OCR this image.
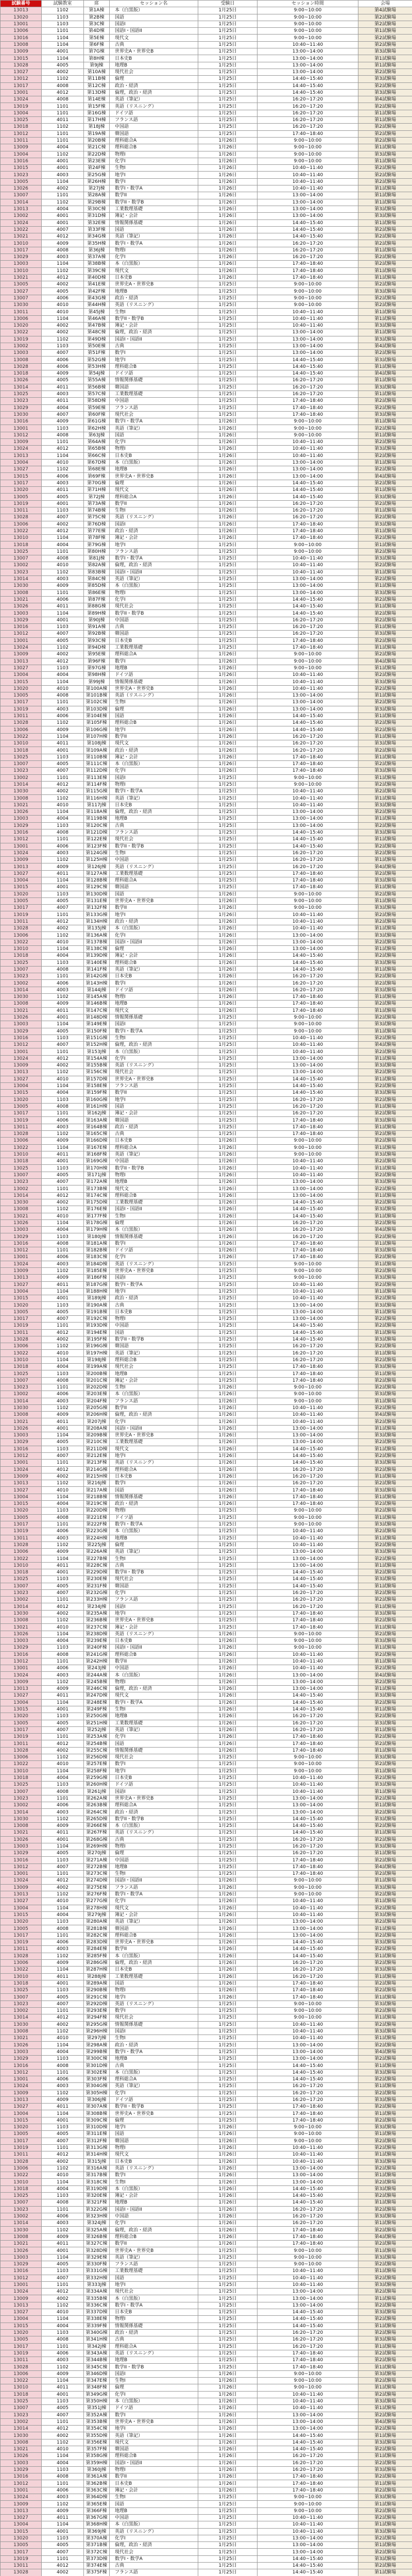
試験番号	試験教室	席	セッション名	受験日	セッション時間	会場
13013	1102	第1A棟	本（白黒版）	1月25日	9:00~10:00	第4試験場
13020	1103	第2B棟	国語	1月25日	9:00~10:00	第2試験場
13001	1103	第3C棟	国語I	1月25日	9:00~10:00	第2試験場
13006	1101	第4D棟	国語I・国語II	1月25日	9:00~10:00	第1試験場
13016	1104	第5E棟	現代文	1月25日	9:00~10:00	第2試験場
13008	1104	第6F棟	古典	1月25日	10:40~11:40	第2試験場
13009	4001	第7G棟	世界史A・世界史B	1月25日	13:00~14:00	第3試験場
13015	1104	第8H棟	日本史B	1月25日	13:00~14:00	第1試験場
13028	4005	第9J棟	地理B	1月25日	13:00~14:00	第1試験場
13027	4002	第10A棟	現代社会	1月25日	13:00~14:00	第2試験場
13012	1102	第11B棟	倫理	1月25日	14:40~15:40	第3試験場
13017	4008	第12C棟	政治・経済	1月25日	14:40~15:40	第2試験場
13001	4012	第13D棟	倫理，政治・経済	1月25日	14:40~15:40	第3試験場
13024	4008	第14E棟	英語（筆記）	1月25日	16:20~17:20	第4試験場
13019	1101	第15F棟	英語（リスニング）	1月25日	16:20~17:20	第2試験場
13004	1101	第16G棟	ドイツ語	1月25日	16:20~17:20	第1試験場
13025	4011	第17H棟	フランス語	1月25日	16:20~17:20	第1試験場
13018	1102	第18J棟	中国語	1月25日	16:20~17:20	第2試験場
13012	1101	第19A棟	韓国語	1月25日	17:40~18:40	第2試験場
13011	1101	第20B棟	理科総合A	1月26日	9:00~10:00	第2試験場
13009	4004	第21C棟	理科総合B	1月26日	9:00~10:00	第1試験場
13004	1102	第22D棟	物理I	1月26日	9:00~10:00	第3試験場
13016	4001	第23E棟	化学I	1月26日	9:00~10:00	第1試験場
13015	4001	第24F棟	生物I	1月26日	10:40~11:40	第2試験場
13023	4003	第25G棟	地学I	1月26日	10:40~11:40	第2試験場
13005	1104	第26H棟	数学I	1月26日	10:40~11:40	第2試験場
13026	4002	第27J棟	数学I・数学A	1月26日	10:40~11:40	第1試験場
13007	1101	第28A棟	数学II	1月26日	13:00~14:00	第1試験場
13014	1102	第29B棟	数学II・数学B	1月26日	13:00~14:00	第1試験場
13013	4004	第30C棟	工業数理基礎	1月26日	13:00~14:00	第3試験場
13002	4001	第31D棟	簿記・会計	1月26日	13:00~14:00	第3試験場
13024	4001	第32E棟	情報関係基礎	1月26日	14:40~15:40	第1試験場
13022	4007	第33F棟	国語	1月26日	14:40~15:40	第2試験場
13021	4012	第34G棟	英語（筆記）	1月26日	14:40~15:40	第2試験場
13010	4009	第35H棟	数学I・数学A	1月26日	16:20~17:20	第2試験場
13017	4008	第36J棟	物理I	1月26日	16:20~17:20	第1試験場
13029	4003	第37A棟	化学I	1月26日	16:20~17:20	第2試験場
13003	1104	第38B棟	本（白黒版）	1月26日	17:40~18:40	第2試験場
13010	1102	第39C棟	現代文	1月26日	17:40~18:40	第1試験場
13021	4012	第40D棟	日本史B	1月26日	17:40~18:40	第1試験場
13005	4002	第41E棟	世界史A・世界史B	1月25日	9:00~10:00	第2試験場
13027	4005	第42F棟	地理B	1月25日	9:00~10:00	第3試験場
13007	4006	第43G棟	政治・経済	1月25日	9:00~10:00	第2試験場
13030	4010	第44H棟	英語（リスニング）	1月25日	9:00~10:00	第2試験場
13011	4010	第45J棟	生物I	1月25日	10:40~11:40	第1試験場
13006	1104	第46A棟	数学II・数学B	1月25日	10:40~11:40	第1試験場
13020	4002	第47B棟	簿記・会計	1月25日	10:40~11:40	第3試験場
13022	4002	第48C棟	倫理，政治・経済	1月25日	13:00~14:00	第1試験場
13019	1102	第49D棟	国語I・国語II	1月25日	13:00~14:00	第3試験場
13002	1103	第50E棟	古典	1月25日	13:00~14:00	第4試験場
13003	4007	第51F棟	数学I	1月25日	13:00~14:00	第2試験場
13008	4006	第52G棟	地学I	1月25日	14:40~15:40	第3試験場
13028	4006	第53H棟	理科総合B	1月25日	14:40~15:40	第1試験場
13018	4009	第54J棟	ドイツ語	1月25日	14:40~15:40	第4試験場
13026	4005	第55A棟	情報関係基礎	1月25日	16:20~17:20	第1試験場
13014	4011	第56B棟	韓国語	1月25日	16:20~17:20	第3試験場
13025	4003	第57C棟	工業数理基礎	1月25日	16:20~17:20	第1試験場
13023	4011	第58D棟	中国語	1月25日	17:40~18:40	第2試験場
13029	4004	第59E棟	フランス語	1月25日	17:40~18:40	第2試験場
13030	4007	第60F棟	現代社会	1月25日	17:40~18:40	第3試験場
13016	4009	第61G棟	数学I・数学A	1月26日	9:00~10:00	第1試験場
13001	1103	第62H棟	英語（筆記）	1月26日	9:00~10:00	第2試験場
13012	4008	第63J棟	国語	1月26日	9:00~10:00	第1試験場
13009	1101	第64A棟	化学I	1月26日	10:40~11:40	第2試験場
13024	4012	第65B棟	物理I	1月26日	10:40~11:40	第3試験場
13013	1104	第66C棟	日本史B	1月26日	10:40~11:40	第2試験場
13004	4010	第67D棟	本（白黒版）	1月26日	13:00~14:00	第1試験場
13027	1102	第68E棟	地理B	1月26日	13:00~14:00	第2試験場
13015	4006	第69F棟	世界史A・世界史B	1月26日	13:00~14:00	第4試験場
13017	4003	第70G棟	倫理	1月26日	14:40~15:40	第2試験場
13020	4011	第71H棟	現代文	1月26日	14:40~15:40	第1試験場
13005	4005	第72J棟	理科総合A	1月26日	14:40~15:40	第3試験場
13019	4001	第73A棟	数学II	1月26日	16:20~17:20	第2試験場
13011	1103	第74B棟	生物I	1月26日	16:20~17:20	第1試験場
13028	4007	第75C棟	英語（リスニング）	1月26日	16:20~17:20	第2試験場
13006	4002	第76D棟	国語I	1月26日	17:40~18:40	第3試験場
13022	4012	第77E棟	政治・経済	1月26日	17:40~18:40	第1試験場
13010	1104	第78F棟	簿記・会計	1月26日	17:40~18:40	第2試験場
13018	4004	第79G棟	地学I	1月25日	9:00~10:00	第1試験場
13025	1101	第80H棟	フランス語	1月25日	9:00~10:00	第2試験場
13007	4008	第81J棟	数学I・数学A	1月25日	10:40~11:40	第3試験場
13002	4010	第82A棟	倫理，政治・経済	1月25日	10:40~11:40	第2試験場
13023	1102	第83B棟	国語I・国語II	1月25日	10:40~11:40	第1試験場
13014	4003	第84C棟	英語（筆記）	1月25日	13:00~14:00	第2試験場
13030	4009	第85D棟	本（白黒版）	1月25日	13:00~14:00	第1試験場
13008	1101	第86E棟	物理I	1月25日	13:00~14:00	第3試験場
13021	4006	第87F棟	化学I	1月25日	14:40~15:40	第2試験場
13026	4011	第88G棟	現代社会	1月25日	14:40~15:40	第1試験場
13003	1104	第89H棟	数学II・数学B	1月25日	14:40~15:40	第2試験場
13029	4001	第90J棟	中国語	1月25日	16:20~17:20	第2試験場
13016	1103	第91A棟	古典	1月25日	16:20~17:20	第1試験場
13012	4007	第92B棟	韓国語	1月25日	16:20~17:20	第3試験場
13001	4005	第93C棟	日本史B	1月25日	17:40~18:40	第2試験場
13024	1102	第94D棟	工業数理基礎	1月25日	17:40~18:40	第1試験場
13009	4002	第95E棟	理科総合A	1月26日	9:00~10:00	第2試験場
13013	4012	第96F棟	数学I	1月26日	9:00~10:00	第4試験場
13027	1103	第97G棟	地理B	1月26日	9:00~10:00	第1試験場
13004	4004	第98H棟	ドイツ語	1月26日	10:40~11:40	第2試験場
13015	1104	第99J棟	情報関係基礎	1月26日	10:40~11:40	第3試験場
13020	4010	第100A棟	世界史A・世界史B	1月26日	10:40~11:40	第2試験場
13005	4008	第101B棟	英語（リスニング）	1月26日	13:00~14:00	第1試験場
13017	1101	第102C棟	生物I	1月26日	13:00~14:00	第2試験場
13019	4003	第103D棟	倫理	1月26日	13:00~14:00	第3試験場
13011	4006	第104E棟	国語	1月26日	14:40~15:40	第1試験場
13028	1102	第105F棟	理科総合B	1月26日	14:40~15:40	第2試験場
13006	4009	第106G棟	地学I	1月26日	14:40~15:40	第2試験場
13022	1104	第107H棟	数学II	1月26日	16:20~17:20	第1試験場
13010	4011	第108J棟	現代文	1月26日	16:20~17:20	第3試験場
13018	4001	第109A棟	政治・経済	1月26日	16:20~17:20	第2試験場
13025	1103	第110B棟	簿記・会計	1月26日	17:40~18:40	第1試験場
13007	4005	第111C棟	本（白黒版）	1月26日	17:40~18:40	第2試験場
13023	4007	第112D棟	化学I	1月26日	17:40~18:40	第3試験場
13002	1101	第113E棟	国語I	1月25日	9:00~10:00	第1試験場
13014	4012	第114F棟	物理I	1月25日	9:00~10:00	第2試験場
13030	4002	第115G棟	数学I・数学A	1月25日	10:40~11:40	第2試験場
13008	1102	第116H棟	英語（筆記）	1月25日	10:40~11:40	第1試験場
13021	4010	第117J棟	日本史B	1月25日	10:40~11:40	第3試験場
13026	1104	第118A棟	倫理，政治・経済	1月25日	13:00~14:00	第2試験場
13003	4004	第119B棟	地理B	1月25日	13:00~14:00	第1試験場
13029	1103	第120C棟	古典	1月25日	13:00~14:00	第2試験場
13016	4008	第121D棟	フランス語	1月25日	14:40~15:40	第3試験場
13012	1101	第122E棟	現代社会	1月25日	14:40~15:40	第1試験場
13001	4006	第123F棟	数学II・数学B	1月25日	14:40~15:40	第2試験場
13024	4003	第124G棟	生物I	1月25日	16:20~17:20	第2試験場
13009	1102	第125H棟	中国語	1月25日	16:20~17:20	第1試験場
13013	4009	第126J棟	英語（リスニング）	1月25日	16:20~17:20	第4試験場
13027	4011	第127A棟	工業数理基礎	1月25日	17:40~18:40	第2試験場
13004	1104	第128B棟	理科総合A	1月25日	17:40~18:40	第3試験場
13015	4001	第129C棟	韓国語	1月25日	17:40~18:40	第1試験場
13020	1103	第130D棟	国語	1月26日	9:00~10:00	第2試験場
13005	4005	第131E棟	世界史A・世界史B	1月26日	9:00~10:00	第1試験場
13017	4007	第132F棟	数学II	1月26日	9:00~10:00	第3試験場
13019	1101	第133G棟	地学I	1月26日	10:40~11:40	第2試験場
13011	4012	第134H棟	政治・経済	1月26日	10:40~11:40	第2試験場
13028	4002	第135J棟	本（白黒版）	1月26日	10:40~11:40	第1試験場
13006	1102	第136A棟	化学I	1月26日	13:00~14:00	第3試験場
13022	4010	第137B棟	国語I・国語II	1月26日	13:00~14:00	第2試験場
13010	1104	第138C棟	倫理	1月26日	13:00~14:00	第1試験場
13018	4004	第139D棟	簿記・会計	1月26日	14:40~15:40	第2試験場
13025	1103	第140E棟	理科総合B	1月26日	14:40~15:40	第3試験場
13007	4008	第141F棟	英語（筆記）	1月26日	14:40~15:40	第1試験場
13023	1101	第142G棟	日本史B	1月26日	16:20~17:20	第2試験場
13002	4006	第143H棟	数学I	1月26日	16:20~17:20	第2試験場
13014	4003	第144J棟	ドイツ語	1月26日	16:20~17:20	第3試験場
13030	1102	第145A棟	物理I	1月26日	17:40~18:40	第1試験場
13008	4009	第146B棟	地理B	1月26日	17:40~18:40	第2試験場
13021	4011	第147C棟	現代文	1月26日	17:40~18:40	第1試験場
13026	4001	第148D棟	情報関係基礎	1月25日	9:00~10:00	第2試験場
13003	1104	第149E棟	国語I	1月25日	9:00~10:00	第3試験場
13029	4005	第150F棟	数学I・数学A	1月25日	9:00~10:00	第1試験場
13016	1103	第151G棟	生物I	1月25日	10:40~11:40	第2試験場
13012	4007	第152H棟	倫理，政治・経済	1月25日	10:40~11:40	第4試験場
13001	1101	第153J棟	本（白黒版）	1月25日	10:40~11:40	第2試験場
13024	4012	第154A棟	化学I	1月25日	13:00~14:00	第1試験場
13009	4002	第155B棟	英語（リスニング）	1月25日	13:00~14:00	第3試験場
13013	1102	第156C棟	現代社会	1月25日	13:00~14:00	第2試験場
13027	4010	第157D棟	世界史A・世界史B	1月25日	14:40~15:40	第1試験場
13004	1104	第158E棟	フランス語	1月25日	14:40~15:40	第2試験場
13015	4004	第159F棟	数学II	1月25日	14:40~15:40	第3試験場
13020	1103	第160G棟	地学I	1月25日	16:20~17:20	第2試験場
13005	4008	第161H棟	国語	1月25日	16:20~17:20	第1試験場
13017	1101	第162J棟	簿記・会計	1月25日	16:20~17:20	第2試験場
13019	4006	第163A棟	韓国語	1月25日	17:40~18:40	第3試験場
13011	4003	第164B棟	政治・経済	1月25日	17:40~18:40	第1試験場
13028	1102	第165C棟	古典	1月25日	17:40~18:40	第2試験場
13006	4009	第166D棟	日本史B	1月26日	9:00~10:00	第2試験場
13022	1104	第167E棟	理科総合A	1月26日	9:00~10:00	第1試験場
13010	4011	第168F棟	英語（筆記）	1月26日	9:00~10:00	第3試験場
13018	4001	第169G棟	中国語	1月26日	10:40~11:40	第2試験場
13025	1103	第170H棟	数学II・数学B	1月26日	10:40~11:40	第1試験場
13007	4005	第171J棟	物理I	1月26日	10:40~11:40	第2試験場
13023	4007	第172A棟	地理B	1月26日	13:00~14:00	第3試験場
13002	1101	第173B棟	現代文	1月26日	13:00~14:00	第2試験場
13014	4012	第174C棟	理科総合B	1月26日	13:00~14:00	第1試験場
13030	4002	第175D棟	工業数理基礎	1月26日	14:40~15:40	第2試験場
13008	1102	第176E棟	国語I・国語II	1月26日	14:40~15:40	第3試験場
13021	4010	第177F棟	生物I	1月26日	14:40~15:40	第1試験場
13026	1104	第178G棟	倫理	1月26日	16:20~17:20	第2試験場
13003	4004	第179H棟	本（白黒版）	1月26日	16:20~17:20	第4試験場
13029	1103	第180J棟	情報関係基礎	1月26日	16:20~17:20	第2試験場
13016	4008	第181A棟	数学I	1月26日	17:40~18:40	第1試験場
13012	1101	第182B棟	ドイツ語	1月26日	17:40~18:40	第3試験場
13001	4006	第183C棟	化学I	1月26日	17:40~18:40	第2試験場
13024	4003	第184D棟	英語（リスニング）	1月25日	9:00~10:00	第1試験場
13009	1102	第185E棟	世界史A・世界史B	1月25日	9:00~10:00	第2試験場
13013	4009	第186F棟	国語I	1月25日	9:00~10:00	第3試験場
13027	4011	第187G棟	数学I・数学A	1月25日	10:40~11:40	第2試験場
13004	1104	第188H棟	地学I	1月25日	10:40~11:40	第1試験場
13015	4001	第189J棟	政治・経済	1月25日	10:40~11:40	第2試験場
13020	1103	第190A棟	古典	1月25日	13:00~14:00	第3試験場
13005	4005	第191B棟	日本史B	1月25日	13:00~14:00	第1試験場
13017	4007	第192C棟	物理I	1月25日	13:00~14:00	第2試験場
13019	1101	第193D棟	中国語	1月25日	14:40~15:40	第2試験場
13011	4012	第194E棟	国語	1月25日	14:40~15:40	第1試験場
13028	4002	第195F棟	数学II・数学B	1月25日	14:40~15:40	第3試験場
13006	1102	第196G棟	韓国語	1月25日	16:20~17:20	第2試験場
13022	4010	第197H棟	英語（筆記）	1月25日	16:20~17:20	第1試験場
13010	1104	第198J棟	理科総合B	1月25日	16:20~17:20	第2試験場
13018	4004	第199A棟	現代社会	1月25日	17:40~18:40	第3試験場
13025	1103	第200B棟	地理B	1月25日	17:40~18:40	第1試験場
13007	4008	第201C棟	簿記・会計	1月25日	17:40~18:40	第2試験場
13023	1101	第202D棟	生物I	1月26日	9:00~10:00	第2試験場
13002	4006	第203E棟	本（白黒版）	1月26日	9:00~10:00	第3試験場
13014	4003	第204F棟	フランス語	1月26日	9:00~10:00	第1試験場
13030	1102	第205G棟	数学II	1月26日	10:40~11:40	第2試験場
13008	4009	第206H棟	倫理，政治・経済	1月26日	10:40~11:40	第4試験場
13021	4011	第207J棟	化学I	1月26日	10:40~11:40	第2試験場
13026	4001	第208A棟	国語I・国語II	1月26日	13:00~14:00	第1試験場
13003	1104	第209B棟	世界史A・世界史B	1月26日	13:00~14:00	第3試験場
13029	4005	第210C棟	工業数理基礎	1月26日	13:00~14:00	第2試験場
13016	1103	第211D棟	現代文	1月26日	14:40~15:40	第1試験場
13012	4007	第212E棟	地学I	1月26日	14:40~15:40	第2試験場
13001	1101	第213F棟	英語（リスニング）	1月26日	14:40~15:40	第3試験場
13024	4012	第214G棟	理科総合A	1月26日	16:20~17:20	第2試験場
13009	4002	第215H棟	日本史B	1月26日	16:20~17:20	第1試験場
13013	1102	第216J棟	数学I	1月26日	16:20~17:20	第2試験場
13027	4010	第217A棟	国語	1月26日	17:40~18:40	第3試験場
13004	1104	第218B棟	情報関係基礎	1月26日	17:40~18:40	第1試験場
13015	4004	第219C棟	政治・経済	1月26日	17:40~18:40	第2試験場
13020	1103	第220D棟	物理I	1月25日	9:00~10:00	第2試験場
13005	4008	第221E棟	ドイツ語	1月25日	9:00~10:00	第1試験場
13017	1101	第222F棟	数学I・数学A	1月25日	9:00~10:00	第3試験場
13019	4006	第223G棟	本（白黒版）	1月25日	10:40~11:40	第2試験場
13011	4003	第224H棟	地理B	1月25日	10:40~11:40	第1試験場
13028	1102	第225J棟	倫理	1月25日	10:40~11:40	第2試験場
13006	4009	第226A棟	英語（筆記）	1月25日	13:00~14:00	第3試験場
13022	1104	第227B棟	生物I	1月25日	13:00~14:00	第2試験場
13010	4011	第228C棟	古典	1月25日	13:00~14:00	第1試験場
13018	4001	第229D棟	数学II・数学B	1月25日	14:40~15:40	第2試験場
13025	1103	第230E棟	現代社会	1月25日	14:40~15:40	第3試験場
13007	4005	第231F棟	韓国語	1月25日	14:40~15:40	第1試験場
13023	4007	第232G棟	化学I	1月25日	16:20~17:20	第2試験場
13002	1101	第233H棟	フランス語	1月25日	16:20~17:20	第2試験場
13014	4012	第234J棟	国語I	1月25日	16:20~17:20	第1試験場
13030	4002	第235A棟	地学I	1月25日	17:40~18:40	第3試験場
13008	1102	第236B棟	世界史A・世界史B	1月25日	17:40~18:40	第2試験場
13021	4010	第237C棟	簿記・会計	1月25日	17:40~18:40	第1試験場
13026	1104	第238D棟	英語（リスニング）	1月26日	9:00~10:00	第2試験場
13003	4004	第239E棟	日本史B	1月26日	9:00~10:00	第3試験場
13029	1103	第240F棟	国語I・国語II	1月26日	9:00~10:00	第1試験場
13016	4008	第241G棟	理科総合B	1月26日	10:40~11:40	第2試験場
13012	1101	第242H棟	数学II	1月26日	10:40~11:40	第1試験場
13001	4006	第243J棟	中国語	1月26日	10:40~11:40	第2試験場
13024	4003	第244A棟	本（白黒版）	1月26日	13:00~14:00	第4試験場
13009	1102	第245B棟	物理I	1月26日	13:00~14:00	第2試験場
13013	4009	第246C棟	倫理，政治・経済	1月26日	13:00~14:00	第1試験場
13027	4011	第247D棟	現代文	1月26日	14:40~15:40	第3試験場
13004	1104	第248E棟	数学I・数学A	1月26日	14:40~15:40	第2試験場
13015	4001	第249F棟	生物I	1月26日	14:40~15:40	第1試験場
13020	1103	第250G棟	地理B	1月26日	16:20~17:20	第2試験場
13005	4005	第251H棟	工業数理基礎	1月26日	16:20~17:20	第3試験場
13017	4007	第252J棟	英語（筆記）	1月26日	16:20~17:20	第1試験場
13019	1101	第253A棟	化学I	1月26日	17:40~18:40	第2試験場
13011	4012	第254B棟	国語	1月26日	17:40~18:40	第2試験場
13028	4002	第255C棟	情報関係基礎	1月26日	17:40~18:40	第1試験場
13006	1102	第256D棟	現代社会	1月25日	9:00~10:00	第3試験場
13022	4010	第257E棟	数学I	1月25日	9:00~10:00	第2試験場
13010	1104	第258F棟	地学I	1月25日	9:00~10:00	第1試験場
13018	4004	第259G棟	日本史B	1月25日	10:40~11:40	第2試験場
13025	1103	第260H棟	ドイツ語	1月25日	10:40~11:40	第3試験場
13007	4008	第261J棟	国語I	1月25日	10:40~11:40	第1試験場
13023	1101	第262A棟	世界史A・世界史B	1月25日	13:00~14:00	第2試験場
13002	4006	第263B棟	理科総合A	1月25日	13:00~14:00	第1試験場
13014	4003	第264C棟	政治・経済	1月25日	13:00~14:00	第2試験場
13030	1102	第265D棟	数学II・数学B	1月25日	14:40~15:40	第3試験場
13008	4009	第266E棟	本（白黒版）	1月25日	14:40~15:40	第2試験場
13021	4011	第267F棟	英語（リスニング）	1月25日	14:40~15:40	第1試験場
13026	4001	第268G棟	古典	1月25日	16:20~17:20	第2試験場
13003	1104	第269H棟	物理I	1月25日	16:20~17:20	第3試験場
13029	4005	第270J棟	倫理	1月25日	16:20~17:20	第1試験場
13016	1103	第271A棟	中国語	1月25日	17:40~18:40	第2試験場
13012	4007	第272B棟	地理B	1月25日	17:40~18:40	第4試験場
13001	1101	第273C棟	生物I	1月25日	17:40~18:40	第2試験場
13024	4012	第274D棟	国語I・国語II	1月26日	9:00~10:00	第1試験場
13009	4002	第275E棟	フランス語	1月26日	9:00~10:00	第3試験場
13013	1102	第276F棟	数学I・数学A	1月26日	9:00~10:00	第2試験場
13027	4010	第277G棟	化学I	1月26日	10:40~11:40	第1試験場
13004	1104	第278H棟	現代文	1月26日	10:40~11:40	第2試験場
13015	4004	第279J棟	簿記・会計	1月26日	10:40~11:40	第3試験場
13020	1103	第280A棟	英語（筆記）	1月26日	13:00~14:00	第2試験場
13005	4008	第281B棟	韓国語	1月26日	13:00~14:00	第1試験場
13017	1101	第282C棟	理科総合B	1月26日	13:00~14:00	第2試験場
13019	4006	第283D棟	世界史A・世界史B	1月26日	14:40~15:40	第3試験場
13011	4003	第284E棟	数学II	1月26日	14:40~15:40	第2試験場
13028	1102	第285F棟	本（白黒版）	1月26日	14:40~15:40	第1試験場
13006	4009	第286G棟	倫理，政治・経済	1月26日	16:20~17:20	第2試験場
13022	1104	第287H棟	日本史B	1月26日	16:20~17:20	第3試験場
13010	4011	第288J棟	工業数理基礎	1月26日	16:20~17:20	第1試験場
13018	4001	第289A棟	国語	1月26日	17:40~18:40	第2試験場
13025	1103	第290B棟	物理I	1月26日	17:40~18:40	第2試験場
13007	4005	第291C棟	地学I	1月26日	17:40~18:40	第1試験場
13023	4007	第292D棟	英語（リスニング）	1月25日	9:00~10:00	第3試験場
13002	1101	第293E棟	数学I	1月25日	9:00~10:00	第2試験場
13014	4012	第294F棟	現代社会	1月25日	9:00~10:00	第1試験場
13030	4002	第295G棟	情報関係基礎	1月25日	10:40~11:40	第2試験場
13008	1102	第296H棟	国語I	1月25日	10:40~11:40	第3試験場
13021	4010	第297J棟	生物I	1月25日	10:40~11:40	第1試験場
13026	1104	第298A棟	政治・経済	1月25日	13:00~14:00	第2試験場
13003	4004	第299B棟	数学I・数学A	1月25日	13:00~14:00	第4試験場
13029	1103	第300C棟	地理B	1月25日	13:00~14:00	第2試験場
13016	4008	第301D棟	古典	1月25日	14:40~15:40	第1試験場
13012	1101	第302E棟	本（白黒版）	1月25日	14:40~15:40	第3試験場
13001	4006	第303F棟	理科総合A	1月25日	14:40~15:40	第2試験場
13024	4003	第304G棟	英語（筆記）	1月25日	16:20~17:20	第1試験場
13009	1102	第305H棟	化学I	1月25日	16:20~17:20	第2試験場
13013	4009	第306J棟	ドイツ語	1月25日	16:20~17:20	第3試験場
13027	4011	第307A棟	数学II・数学B	1月25日	17:40~18:40	第2試験場
13004	1104	第308B棟	世界史A・世界史B	1月25日	17:40~18:40	第1試験場
13015	4001	第309C棟	倫理	1月25日	17:40~18:40	第2試験場
13020	1103	第310D棟	地学I	1月26日	9:00~10:00	第3試験場
13005	4005	第311E棟	国語	1月26日	9:00~10:00	第1試験場
13017	4007	第312F棟	韓国語	1月26日	9:00~10:00	第2試験場
13019	1101	第313G棟	物理I	1月26日	10:40~11:40	第2試験場
13011	4012	第314H棟	現代文	1月26日	10:40~11:40	第1試験場
13028	4002	第315J棟	日本史B	1月26日	10:40~11:40	第3試験場
13006	1102	第316A棟	英語（リスニング）	1月26日	13:00~14:00	第2試験場
13022	4010	第317B棟	数学I	1月26日	13:00~14:00	第1試験場
13010	1104	第318C棟	生物I	1月26日	13:00~14:00	第2試験場
13018	4004	第319D棟	本（白黒版）	1月26日	14:40~15:40	第3試験場
13025	1103	第320E棟	簿記・会計	1月26日	14:40~15:40	第2試験場
13007	4008	第321F棟	地理B	1月26日	14:40~15:40	第1試験場
13023	1101	第322G棟	国語I・国語II	1月26日	16:20~17:20	第2試験場
13002	4006	第323H棟	中国語	1月26日	16:20~17:20	第3試験場
13014	4003	第324J棟	化学I	1月26日	16:20~17:20	第1試験場
13030	1102	第325A棟	倫理，政治・経済	1月26日	17:40~18:40	第2試験場
13008	4009	第326B棟	理科総合B	1月26日	17:40~18:40	第4試験場
13021	4011	第327C棟	数学II	1月26日	17:40~18:40	第2試験場
13026	4001	第328D棟	世界史A・世界史B	1月25日	9:00~10:00	第1試験場
13003	1104	第329E棟	英語（筆記）	1月25日	9:00~10:00	第3試験場
13029	4005	第330F棟	フランス語	1月25日	9:00~10:00	第2試験場
13016	1103	第331G棟	工業数理基礎	1月25日	10:40~11:40	第1試験場
13012	4007	第332H棟	国語	1月25日	10:40~11:40	第2試験場
13001	1101	第333J棟	地学I	1月25日	10:40~11:40	第3試験場
13024	4012	第334A棟	現代社会	1月25日	13:00~14:00	第2試験場
13009	4002	第335B棟	本（白黒版）	1月25日	13:00~14:00	第1試験場
13013	1102	第336C棟	数学I・数学A	1月25日	13:00~14:00	第2試験場
13027	4010	第337D棟	日本史B	1月25日	14:40~15:40	第3試験場
13004	1104	第338E棟	物理I	1月25日	14:40~15:40	第2試験場
13015	4004	第339F棟	情報関係基礎	1月25日	14:40~15:40	第1試験場
13020	1103	第340G棟	政治・経済	1月25日	16:20~17:20	第2試験場
13005	4008	第341H棟	古典	1月25日	16:20~17:20	第3試験場
13017	1101	第342J棟	理科総合A	1月25日	16:20~17:20	第1試験場
13019	4006	第343A棟	英語（リスニング）	1月25日	17:40~18:40	第2試験場
13011	4003	第344B棟	地理B	1月25日	17:40~18:40	第2試験場
13028	1102	第345C棟	数学II・数学B	1月25日	17:40~18:40	第1試験場
13006	4009	第346D棟	国語I	1月26日	9:00~10:00	第3試験場
13022	1104	第347E棟	生物I	1月26日	9:00~10:00	第2試験場
13010	4011	第348F棟	倫理	1月26日	9:00~10:00	第1試験場
13018	4001	第349G棟	化学I	1月26日	10:40~11:40	第2試験場
13025	1103	第350H棟	本（白黒版）	1月26日	10:40~11:40	第3試験場
13007	4005	第351J棟	ドイツ語	1月26日	10:40~11:40	第1試験場
13023	4007	第352A棟	数学I	1月26日	13:00~14:00	第2試験場
13002	1101	第353B棟	世界史A・世界史B	1月26日	13:00~14:00	第4試験場
13014	4012	第354C棟	地学I	1月26日	13:00~14:00	第2試験場
13030	4002	第355D棟	英語（筆記）	1月26日	14:40~15:40	第1試験場
13008	1102	第356E棟	現代文	1月26日	14:40~15:40	第3試験場
13021	4010	第357F棟	韓国語	1月26日	14:40~15:40	第2試験場
13026	1104	第358G棟	理科総合B	1月26日	16:20~17:20	第1試験場
13003	4004	第359H棟	国語I・国語II	1月26日	16:20~17:20	第2試験場
13029	1103	第360J棟	物理I	1月26日	16:20~17:20	第3試験場
13016	4008	第361A棟	数学II	1月26日	17:40~18:40	第2試験場
13012	1101	第362B棟	日本史B	1月26日	17:40~18:40	第1試験場
13001	4006	第363C棟	簿記・会計	1月26日	17:40~18:40	第2試験場
13024	4003	第364D棟	生物I	1月25日	9:00~10:00	第3試験場
13009	1102	第365E棟	国語	1月25日	9:00~10:00	第1試験場
13013	4009	第366F棟	地理B	1月25日	9:00~10:00	第2試験場
13027	4011	第367G棟	中国語	1月25日	10:40~11:40	第2試験場
13004	1104	第368H棟	本（白黒版）	1月25日	10:40~11:40	第1試験場
13015	4001	第369J棟	英語（リスニング）	1月25日	10:40~11:40	第3試験場
13020	1103	第370A棟	化学I	1月25日	13:00~14:00	第2試験場
13005	4005	第371B棟	倫理，政治・経済	1月25日	13:00~14:00	第1試験場
13017	4007	第372C棟	現代社会	1月25日	13:00~14:00	第2試験場
13019	1101	第373D棟	数学I・数学A	1月25日	14:40~15:40	第3試験場
13011	4012	第374E棟	古典	1月25日	14:40~15:40	第2試験場
13028	4002	第375F棟	フランス語	1月25日	14:40~15:40	第1試験場
